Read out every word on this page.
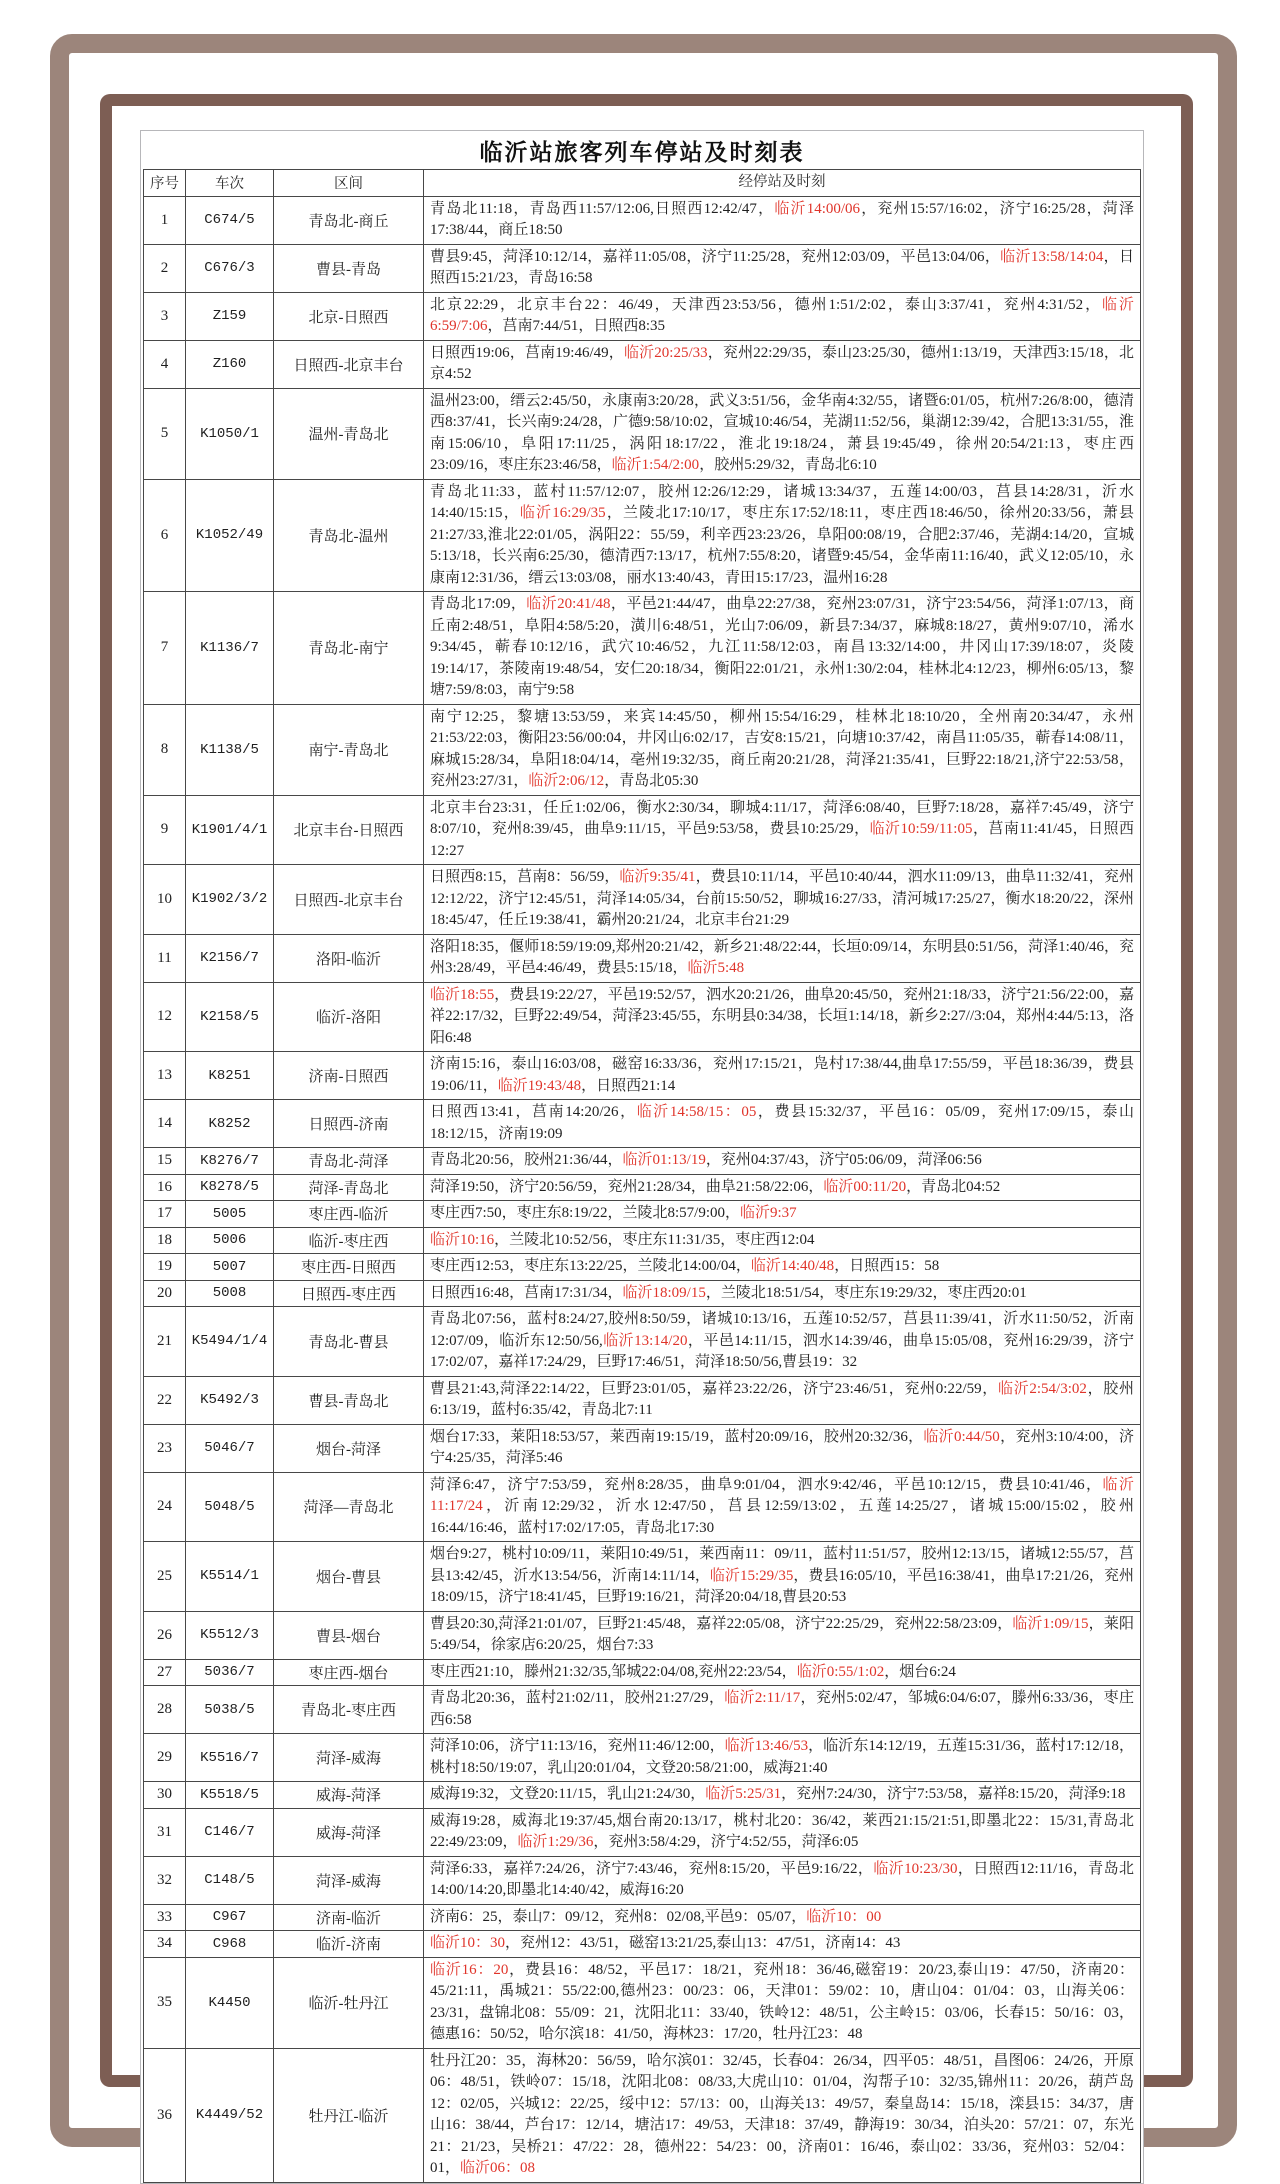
临沂站旅客列车停站及时刻表
序号	车次	区间	经停站及时刻
1	C674/5	青岛北-商丘	青岛北11:18，青岛西11:57/12:06,日照西12:42/47，临沂14:00/06，兖州15:57/16:02，济宁16:25/28，菏泽17:38/44，商丘18:50
2	C676/3	曹县-青岛	曹县9:45，菏泽10:12/14，嘉祥11:05/08，济宁11:25/28，兖州12:03/09，平邑13:04/06，临沂13:58/14:04，日照西15:21/23，青岛16:58
3	Z159	北京-日照西	北京22:29，北京丰台22：46/49，天津西23:53/56，德州1:51/2:02，泰山3:37/41，兖州4:31/52，临沂6:59/7:06，莒南7:44/51，日照西8:35
4	Z160	日照西-北京丰台	日照西19:06，莒南19:46/49，临沂20:25/33，兖州22:29/35，泰山23:25/30，德州1:13/19，天津西3:15/18，北京4:52
5	K1050/1	温州-青岛北	温州23:00，缙云2:45/50，永康南3:20/28，武义3:51/56，金华南4:32/55，诸暨6:01/05，杭州7:26/8:00，德清西8:37/41，长兴南9:24/28，广德9:58/10:02，宣城10:46/54，芜湖11:52/56，巢湖12:39/42，合肥13:31/55，淮南15:06/10，阜阳17:11/25，涡阳18:17/22，淮北19:18/24，萧县19:45/49，徐州20:54/21:13，枣庄西23:09/16，枣庄东23:46/58，临沂1:54/2:00，胶州5:29/32，青岛北6:10
6	K1052/49	青岛北-温州	青岛北11:33，蓝村11:57/12:07，胶州12:26/12:29，诸城13:34/37，五莲14:00/03，莒县14:28/31，沂水14:40/15:15，临沂16:29/35，兰陵北17:10/17，枣庄东17:52/18:11，枣庄西18:46/50，徐州20:33/56，萧县21:27/33,淮北22:01/05，涡阳22：55/59，利辛西23:23/26，阜阳00:08/19，合肥2:37/46，芜湖4:14/20，宣城5:13/18，长兴南6:25/30，德清西7:13/17，杭州7:55/8:20，诸暨9:45/54，金华南11:16/40，武义12:05/10，永康南12:31/36，缙云13:03/08，丽水13:40/43，青田15:17/23，温州16:28
7	K1136/7	青岛北-南宁	青岛北17:09，临沂20:41/48，平邑21:44/47，曲阜22:27/38，兖州23:07/31，济宁23:54/56，菏泽1:07/13，商丘南2:48/51，阜阳4:58/5:20，潢川6:48/51，光山7:06/09，新县7:34/37，麻城8:18/27，黄州9:07/10，浠水9:34/45，蕲春10:12/16，武穴10:46/52，九江11:58/12:03，南昌13:32/14:00，井冈山17:39/18:07，炎陵19:14/17，茶陵南19:48/54，安仁20:18/34，衡阳22:01/21，永州1:30/2:04，桂林北4:12/23，柳州6:05/13，黎塘7:59/8:03，南宁9:58
8	K1138/5	南宁-青岛北	南宁12:25，黎塘13:53/59，来宾14:45/50，柳州15:54/16:29，桂林北18:10/20，全州南20:34/47，永州21:53/22:03，衡阳23:56/00:04，井冈山6:02/17，吉安8:15/21，向塘10:37/42，南昌11:05/35，蕲春14:08/11，麻城15:28/34，阜阳18:04/14，亳州19:32/35，商丘南20:21/28，菏泽21:35/41，巨野22:18/21,济宁22:53/58，兖州23:27/31，临沂2:06/12，青岛北05:30
9	K1901/4/1	北京丰台-日照西	北京丰台23:31，任丘1:02/06，衡水2:30/34，聊城4:11/17，菏泽6:08/40，巨野7:18/28，嘉祥7:45/49，济宁8:07/10，兖州8:39/45，曲阜9:11/15，平邑9:53/58，费县10:25/29，临沂10:59/11:05，莒南11:41/45，日照西12:27
10	K1902/3/2	日照西-北京丰台	日照西8:15，莒南8：56/59，临沂9:35/41，费县10:11/14，平邑10:40/44，泗水11:09/13，曲阜11:32/41，兖州12:12/22，济宁12:45/51，菏泽14:05/34，台前15:50/52，聊城16:27/33，清河城17:25/27，衡水18:20/22，深州18:45/47，任丘19:38/41，霸州20:21/24，北京丰台21:29
11	K2156/7	洛阳-临沂	洛阳18:35，偃师18:59/19:09,郑州20:21/42，新乡21:48/22:44，长垣0:09/14，东明县0:51/56，菏泽1:40/46，兖州3:28/49，平邑4:46/49，费县5:15/18，临沂5:48
12	K2158/5	临沂-洛阳	临沂18:55，费县19:22/27，平邑19:52/57，泗水20:21/26，曲阜20:45/50，兖州21:18/33，济宁21:56/22:00，嘉祥22:17/32，巨野22:49/54，菏泽23:45/55，东明县0:34/38，长垣1:14/18，新乡2:27//3:04，郑州4:44/5:13，洛阳6:48
13	K8251	济南-日照西	济南15:16，泰山16:03/08，磁窑16:33/36，兖州17:15/21，凫村17:38/44,曲阜17:55/59，平邑18:36/39，费县19:06/11，临沂19:43/48，日照西21:14
14	K8252	日照西-济南	日照西13:41，莒南14:20/26，临沂14:58/15：05，费县15:32/37，平邑16：05/09，兖州17:09/15，泰山18:12/15，济南19:09
15	K8276/7	青岛北-菏泽	青岛北20:56，胶州21:36/44，临沂01:13/19，兖州04:37/43，济宁05:06/09，菏泽06:56
16	K8278/5	菏泽-青岛北	菏泽19:50，济宁20:56/59，兖州21:28/34，曲阜21:58/22:06，临沂00:11/20，青岛北04:52
17	5005	枣庄西-临沂	枣庄西7:50，枣庄东8:19/22，兰陵北8:57/9:00，临沂9:37
18	5006	临沂-枣庄西	临沂10:16，兰陵北10:52/56，枣庄东11:31/35，枣庄西12:04
19	5007	枣庄西-日照西	枣庄西12:53，枣庄东13:22/25，兰陵北14:00/04，临沂14:40/48，日照西15：58
20	5008	日照西-枣庄西	日照西16:48，莒南17:31/34，临沂18:09/15，兰陵北18:51/54，枣庄东19:29/32，枣庄西20:01
21	K5494/1/4	青岛北-曹县	青岛北07:56，蓝村8:24/27,胶州8:50/59，诸城10:13/16，五莲10:52/57，莒县11:39/41，沂水11:50/52，沂南12:07/09，临沂东12:50/56,临沂13:14/20，平邑14:11/15，泗水14:39/46，曲阜15:05/08，兖州16:29/39，济宁17:02/07，嘉祥17:24/29，巨野17:46/51，菏泽18:50/56,曹县19：32
22	K5492/3	曹县-青岛北	曹县21:43,菏泽22:14/22，巨野23:01/05，嘉祥23:22/26，济宁23:46/51，兖州0:22/59，临沂2:54/3:02，胶州6:13/19，蓝村6:35/42，青岛北7:11
23	5046/7	烟台-菏泽	烟台17:33，莱阳18:53/57，莱西南19:15/19，蓝村20:09/16，胶州20:32/36，临沂0:44/50，兖州3:10/4:00，济宁4:25/35，菏泽5:46
24	5048/5	菏泽—青岛北	菏泽6:47，济宁7:53/59，兖州8:28/35，曲阜9:01/04，泗水9:42/46，平邑10:12/15，费县10:41/46，临沂11:17/24，沂南12:29/32，沂水12:47/50，莒县12:59/13:02，五莲14:25/27，诸城15:00/15:02，胶州16:44/16:46，蓝村17:02/17:05，青岛北17:30
25	K5514/1	烟台-曹县	烟台9:27，桃村10:09/11，莱阳10:49/51，莱西南11：09/11，蓝村11:51/57，胶州12:13/15，诸城12:55/57，莒县13:42/45，沂水13:54/56，沂南14:11/14，临沂15:29/35，费县16:05/10，平邑16:38/41，曲阜17:21/26，兖州18:09/15，济宁18:41/45，巨野19:16/21，菏泽20:04/18,曹县20:53
26	K5512/3	曹县-烟台	曹县20:30,菏泽21:01/07，巨野21:45/48，嘉祥22:05/08，济宁22:25/29，兖州22:58/23:09，临沂1:09/15，莱阳5:49/54，徐家店6:20/25，烟台7:33
27	5036/7	枣庄西-烟台	枣庄西21:10，滕州21:32/35,邹城22:04/08,兖州22:23/54，临沂0:55/1:02，烟台6:24
28	5038/5	青岛北-枣庄西	青岛北20:36，蓝村21:02/11，胶州21:27/29，临沂2:11/17，兖州5:02/47，邹城6:04/6:07，滕州6:33/36，枣庄西6:58
29	K5516/7	菏泽-威海	菏泽10:06，济宁11:13/16，兖州11:46/12:00，临沂13:46/53，临沂东14:12/19，五莲15:31/36，蓝村17:12/18，桃村18:50/19:07，乳山20:01/04，文登20:58/21:00，威海21:40
30	K5518/5	威海-菏泽	威海19:32，文登20:11/15，乳山21:24/30，临沂5:25/31，兖州7:24/30，济宁7:53/58，嘉祥8:15/20，菏泽9:18
31	C146/7	威海-菏泽	威海19:28，威海北19:37/45,烟台南20:13/17，桃村北20：36/42，莱西21:15/21:51,即墨北22：15/31,青岛北22:49/23:09，临沂1:29/36，兖州3:58/4:29，济宁4:52/55，菏泽6:05
32	C148/5	菏泽-威海	菏泽6:33，嘉祥7:24/26，济宁7:43/46，兖州8:15/20，平邑9:16/22，临沂10:23/30，日照西12:11/16，青岛北14:00/14:20,即墨北14:40/42，威海16:20
33	C967	济南-临沂	济南6：25，泰山7：09/12，兖州8：02/08,平邑9：05/07，临沂10：00
34	C968	临沂-济南	临沂10：30，兖州12：43/51，磁窑13:21/25,泰山13：47/51，济南14：43
35	K4450	临沂-牡丹江	临沂16：20，费县16：48/52，平邑17：18/21，兖州18：36/46,磁窑19：20/23,泰山19：47/50，济南20：45/21:11，禹城21：55/22:00,德州23：00/23：06，天津01：59/02：10，唐山04：01/04：03，山海关06：23/31，盘锦北08：55/09：21，沈阳北11：33/40，铁岭12：48/51，公主岭15：03/06，长春15：50/16：03，德惠16：50/52，哈尔滨18：41/50，海林23：17/20，牡丹江23：48
36	K4449/52	牡丹江-临沂	牡丹江20：35，海林20：56/59，哈尔滨01：32/45，长春04：26/34，四平05：48/51，昌图06：24/26，开原06：48/51，铁岭07：15/18，沈阳北08：08/33,大虎山10：01/04，沟帮子10：32/35,锦州11：20/26，葫芦岛12：02/05，兴城12：22/25，绥中12：57/13：00，山海关13：49/57，秦皇岛14：15/18，滦县15：34/37，唐山16：38/44，芦台17：12/14，塘沽17：49/53，天津18：37/49，静海19：30/34，泊头20：57/21：07，东光21：21/23，吴桥21：47/22：28，德州22：54/23：00，济南01：16/46，泰山02：33/36，兖州03：52/04：01，临沂06：08
